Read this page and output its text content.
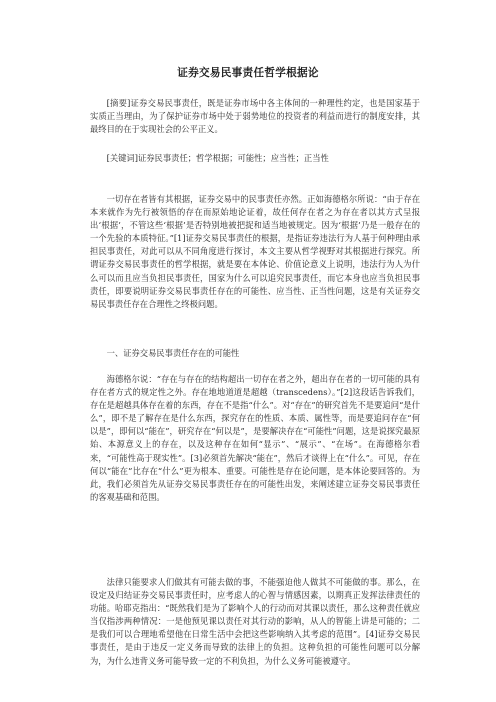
证券交易民事责任哲学根据论

[摘要]证券交易民事责任，既是证券市场中各主体间的一种理性约定，也是国家基于实质正当理由，为了保护证券市场中处于弱势地位的投资者的利益而进行的制度安排，其最终目的在于实现社会的公平正义。

[关键词]证券民事责任；哲学根据；可能性；应当性；正当性

一切存在者皆有其根据，证券交易中的民事责任亦然。正如海德格尔所说：“由于存在本来就作为先行被领悟的存在而原始地论证着，故任何存在者之为存在者以其方式呈报出‘根据’，不管这些‘根据’是否特别地被把捉和适当地被规定。因为‘根据’乃是一般存在的一个先验的本质特征。”[1]证券交易民事责任的根据，是指证券违法行为人基于何种理由承担民事责任，对此可以从不同角度进行探讨，本文主要从哲学视野对其根据进行探究。所谓证券交易民事责任的哲学根据，就是要在本体论、价值论意义上说明，违法行为人为什么可以而且应当负担民事责任，国家为什么可以追究民事责任，而它本身也应当负担民事责任，即要说明证券交易民事责任存在的可能性、应当性、正当性问题，这是有关证券交易民事责任存在合理性之终极问题。

一、证券交易民事责任存在的可能性

海德格尔说：“存在与存在的结构超出一切存在者之外，超出存在者的一切可能的具有存在者方式的规定性之外。存在地地道道是超越（transcedens）。”[2]这段话告诉我们，存在是超越具体存在着的东西，存在不是指“什么”。对“存在”的研究首先不是要追问“是什么”，即不是了解存在是什么东西，探究存在的性质、本质、属性等，而是要追问存在“何以是”，即何以“能在”，研究存在“何以是”，是要解决存在“可能性”问题，这是说探究最原始、本源意义上的存在，以及这种存在如何“显示”、“展示”、“在场”。在海德格尔看来，“可能性高于现实性”。[3]必须首先解决“能在”，然后才谈得上在“什么”。可见，存在何以“能在”比存在“什么”更为根本、重要。可能性是存在论问题，是本体论要回答的。为此，我们必须首先从证券交易民事责任存在的可能性出发，来阐述建立证券交易民事责任的客观基础和范围。

法律只能要求人们做其有可能去做的事，不能强迫他人做其不可能做的事。那么，在设定及归结证券交易民事责任时，应考虑人的心智与情感因素，以期真正发挥法律责任的功能。哈耶克指出：“既然我们是为了影响个人的行动而对其课以责任，那么这种责任就应当仅指涉两种情况：一是他预见课以责任对其行动的影响，从人的智能上讲是可能的；二是我们可以合理地希望他在日常生活中会把这些影响纳入其考虑的范围”。[4]证券交易民事责任，是由于违反一定义务而导致的法律上的负担。这种负担的可能性问题可以分解为，为什么违背义务可能导致一定的不利负担，为什么义务可能被遵守。
